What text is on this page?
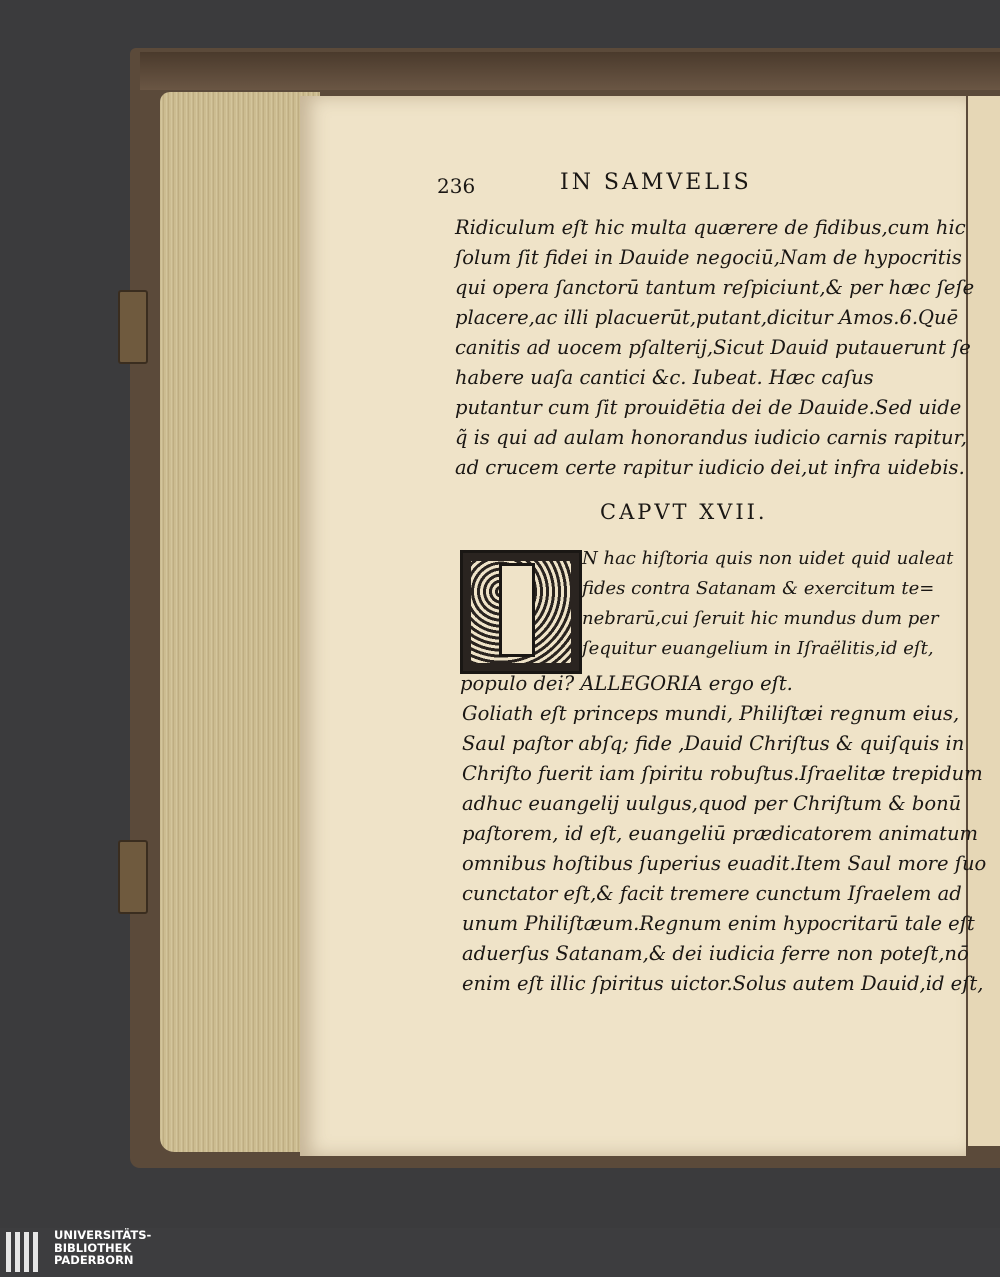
236	IN SAMVELIS
Ridiculum eſt hic multa quærere de fidibus,cum hic
ſolum ſit fidei in Dauide negociū,Nam de hypocritis
qui opera ſanctorū tantum reſpiciunt,& per hæc ſeſe
placere,ac illi placuerūt,putant,dicitur Amos.6.Quē
canitis ad uocem pſalterij,Sicut Dauid putauerunt ſe
habere uaſa cantici &c. Iubeat. Hæc caſus
putantur cum ſit prouidētia dei de Dauide.Sed uide
q̃ is qui ad aulam honorandus iudicio carnis rapitur,
ad crucem certe rapitur iudicio dei,ut infra uidebis.
CAPVT XVII.
N hac hiſtoria quis non uidet quid ualeat
fides contra Satanam & exercitum te=
nebrarū,cui ſeruit hic mundus dum per
ſequitur euangelium in Iſraëlitis,id eſt,
populo dei? ALLEGORIA ergo eſt.
Goliath eſt princeps mundi, Philiſtæi regnum eius,
Saul paſtor abſq; fide ,Dauid Chriſtus & quiſquis in
Chriſto fuerit iam ſpiritu robuſtus.Iſraelitæ trepidum
adhuc euangelij uulgus,quod per Chriſtum & bonū
paſtorem, id eſt, euangeliū prædicatorem animatum
omnibus hoſtibus ſuperius euadit.Item Saul more ſuo
cunctator eſt,& facit tremere cunctum Iſraelem ad
unum Philiſtæum.Regnum enim hypocritarū tale eſt
aduerſus Satanam,& dei iudicia ferre non poteſt,nō
enim eſt illic ſpiritus uictor.Solus autem Dauid,id eſt,
UNIVERSITÄTS-
BIBLIOTHEK
PADERBORN
